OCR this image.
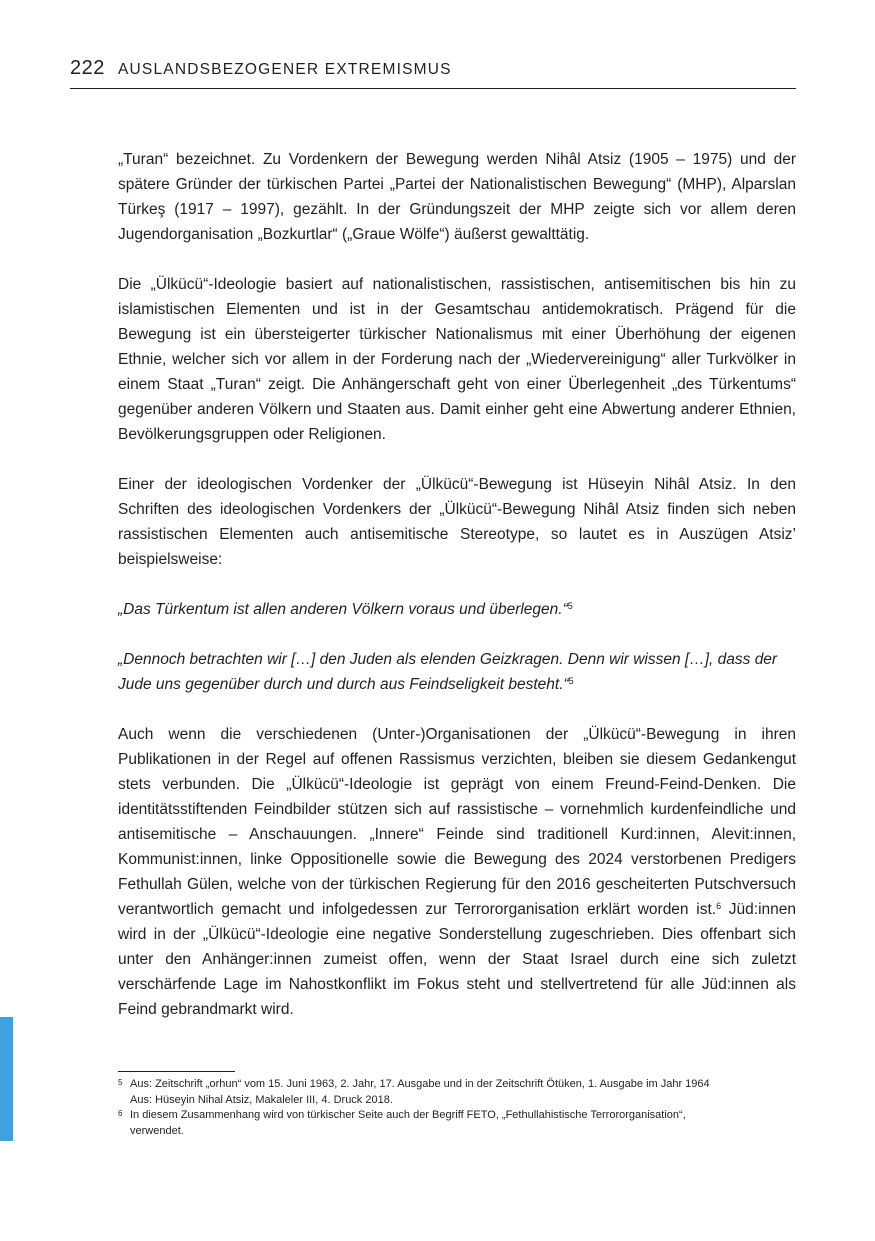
222 AUSLANDSBEZOGENER EXTREMISMUS

„Turan“ bezeichnet. Zu Vordenkern der Bewegung werden Nihâl Atsiz (1905 – 1975) und der spätere Gründer der türkischen Partei „Partei der Nationalistischen Bewegung“ (MHP), Alparslan Türkeş (1917 – 1997), gezählt. In der Gründungszeit der MHP zeigte sich vor allem deren Jugendorganisation „Bozkurtlar“ („Graue Wölfe“) äußerst gewalttätig.

Die „Ülkücü“-Ideologie basiert auf nationalistischen, rassistischen, antisemitischen bis hin zu islamistischen Elementen und ist in der Gesamtschau antidemokratisch. Prägend für die Bewegung ist ein übersteigerter türkischer Nationalismus mit einer Überhöhung der eigenen Ethnie, welcher sich vor allem in der Forderung nach der „Wiedervereinigung“ aller Turkvölker in einem Staat „Turan“ zeigt. Die Anhängerschaft geht von einer Überlegenheit „des Türkentums“ gegenüber anderen Völkern und Staaten aus. Damit einher geht eine Abwertung anderer Ethnien, Bevölkerungsgruppen oder Religionen.

Einer der ideologischen Vordenker der „Ülkücü“-Bewegung ist Hüseyin Nihâl Atsiz. In den Schriften des ideologischen Vordenkers der „Ülkücü“-Bewegung Nihâl Atsiz finden sich neben rassistischen Elementen auch antisemitische Stereotype, so lautet es in Auszügen Atsiz’ beispielsweise:

„Das Türkentum ist allen anderen Völkern voraus und überlegen.“$^5$

„Dennoch betrachten wir […] den Juden als elenden Geizkragen. Denn wir wissen […], dass der Jude uns gegenüber durch und durch aus Feindseligkeit besteht.“$^5$

Auch wenn die verschiedenen (Unter-)Organisationen der „Ülkücü“-Bewegung in ihren Publikationen in der Regel auf offenen Rassismus verzichten, bleiben sie diesem Gedankengut stets verbunden. Die „Ülkücü“-Ideologie ist geprägt von einem Freund-Feind-Denken. Die identitätsstiftenden Feindbilder stützen sich auf rassistische – vornehmlich kurdenfeindliche und antisemitische – Anschauungen. „Innere“ Feinde sind traditionell Kurd:innen, Alevit:innen, Kommunist:innen, linke Oppositionelle sowie die Bewegung des 2024 verstorbenen Predigers Fethullah Gülen, welche von der türkischen Regierung für den 2016 gescheiterten Putschversuch verantwortlich gemacht und infolgedessen zur Terrororganisation erklärt worden ist.$^6$ Jüd:innen wird in der „Ülkücü“-Ideologie eine negative Sonderstellung zugeschrieben. Dies offenbart sich unter den Anhänger:innen zumeist offen, wenn der Staat Israel durch eine sich zuletzt verschärfende Lage im Nahostkonflikt im Fokus steht und stellvertretend für alle Jüd:innen als Feind gebrandmarkt wird.

5 Aus: Zeitschrift „orhun“ vom 15. Juni 1963, 2. Jahr, 17. Ausgabe und in der Zeitschrift Ötüken, 1. Ausgabe im Jahr 1964
Aus: Hüseyin Nihal Atsiz, Makaleler III, 4. Druck 2018.
6 In diesem Zusammenhang wird von türkischer Seite auch der Begriff FETO, „Fethullahistische Terrororganisation“,
verwendet.
